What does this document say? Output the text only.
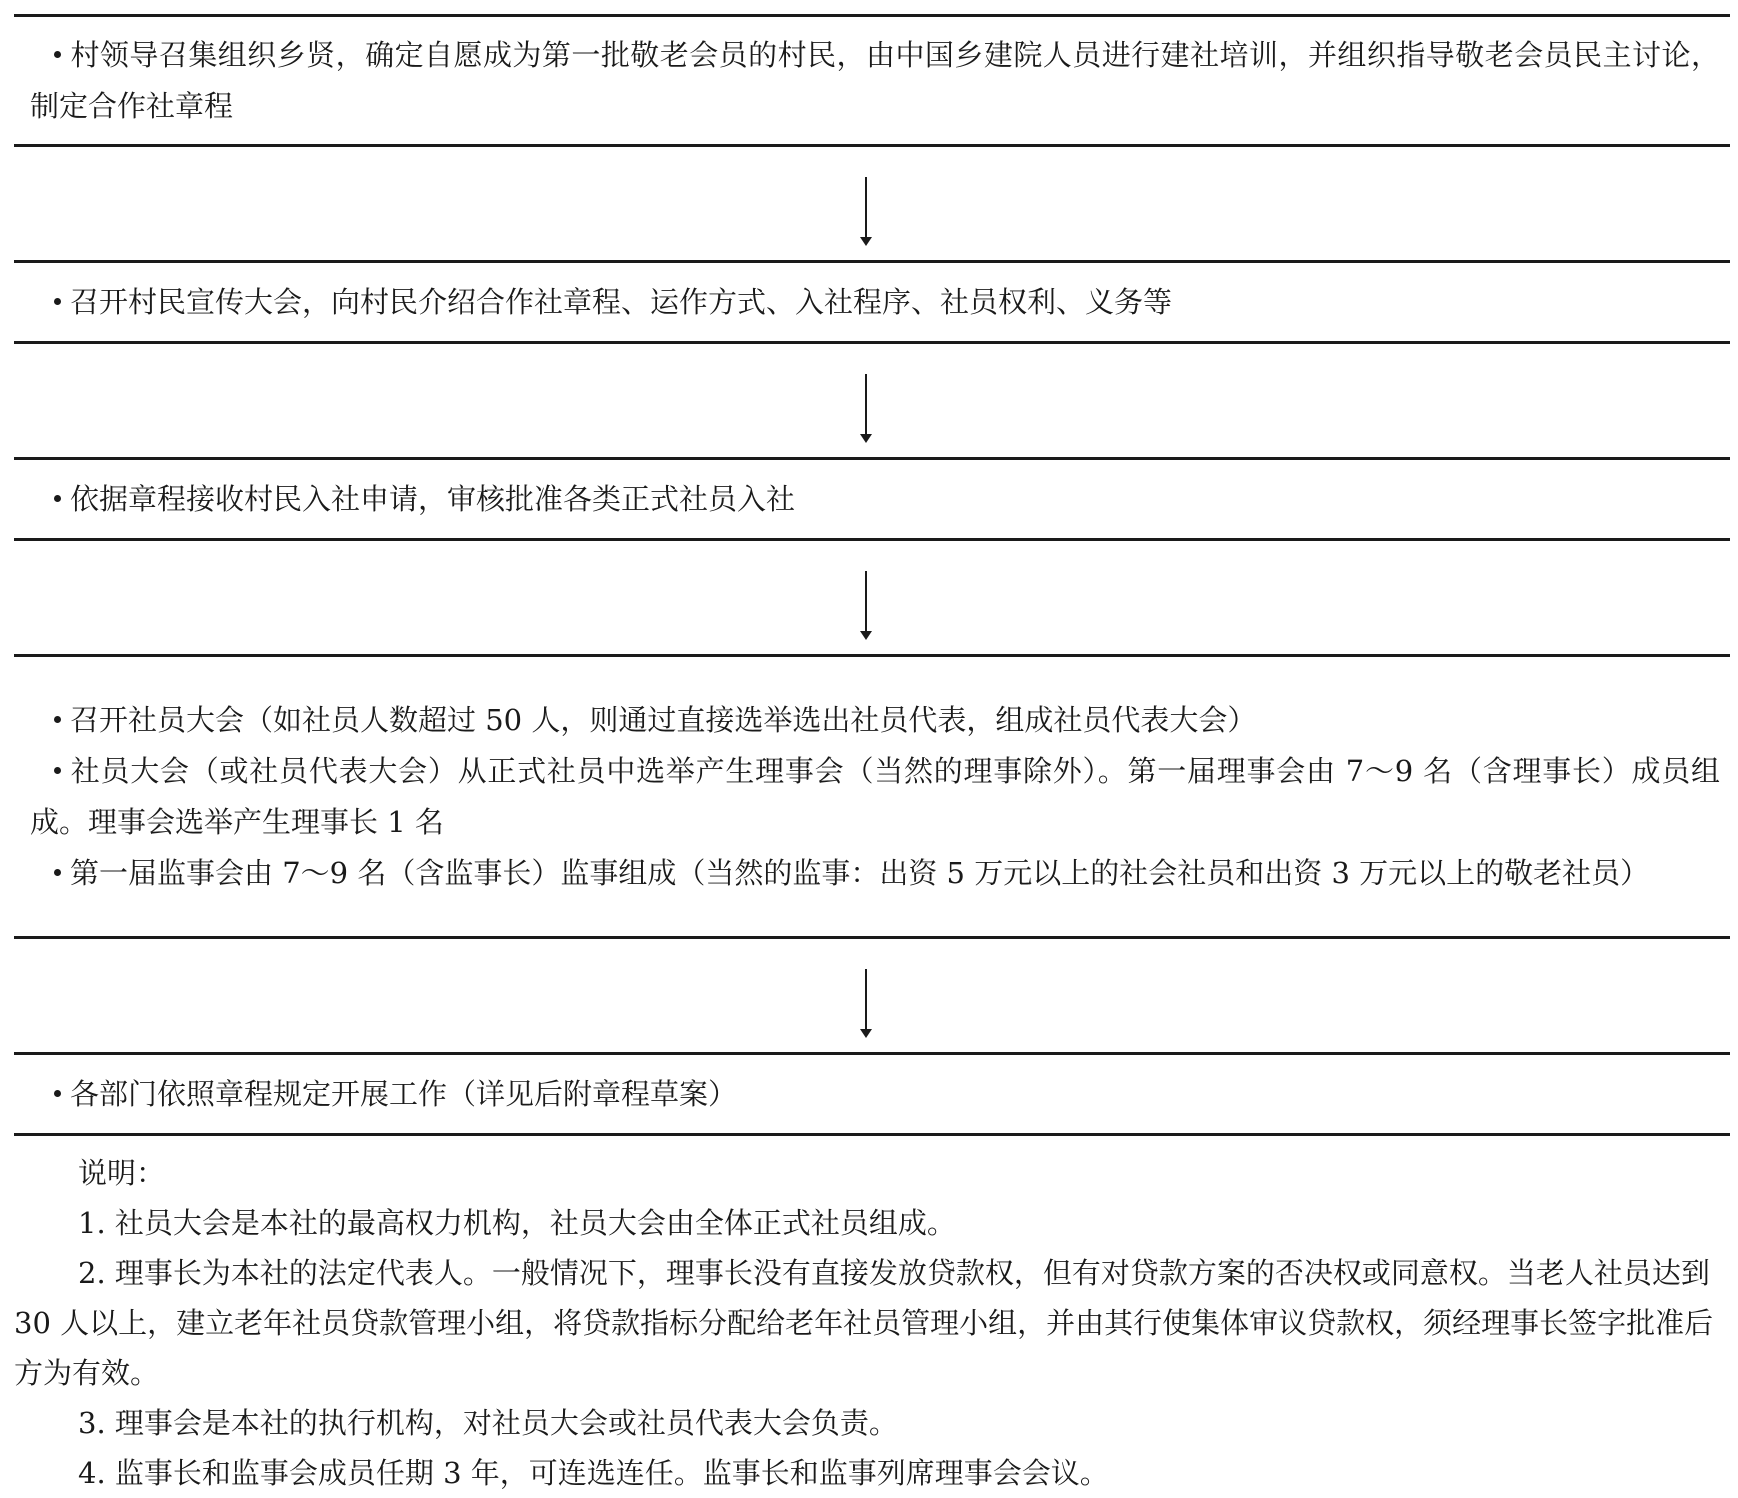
村领导召集组织乡贤，确定自愿成为第一批敬老会员的村民，由中国乡建院人员进行建社培训，并组织指导敬老会员民主讨论，制定合作社章程

召开村民宣传大会，向村民介绍合作社章程、运作方式、入社程序、社员权利、义务等

依据章程接收村民入社申请，审核批准各类正式社员入社

召开社员大会（如社员人数超过 50 人，则通过直接选举选出社员代表，组成社员代表大会）

社员大会（或社员代表大会）从正式社员中选举产生理事会（当然的理事除外）。第一届理事会由 7～9 名（含理事长）成员组成。理事会选举产生理事长 1 名

第一届监事会由 7～9 名（含监事长）监事组成（当然的监事：出资 5 万元以上的社会社员和出资 3 万元以上的敬老社员）

各部门依照章程规定开展工作（详见后附章程草案）

说明：

1. 社员大会是本社的最高权力机构，社员大会由全体正式社员组成。

2. 理事长为本社的法定代表人。一般情况下，理事长没有直接发放贷款权，但有对贷款方案的否决权或同意权。当老人社员达到 30 人以上，建立老年社员贷款管理小组，将贷款指标分配给老年社员管理小组，并由其行使集体审议贷款权，须经理事长签字批准后方为有效。

3. 理事会是本社的执行机构，对社员大会或社员代表大会负责。

4. 监事长和监事会成员任期 3 年，可连选连任。监事长和监事列席理事会会议。
